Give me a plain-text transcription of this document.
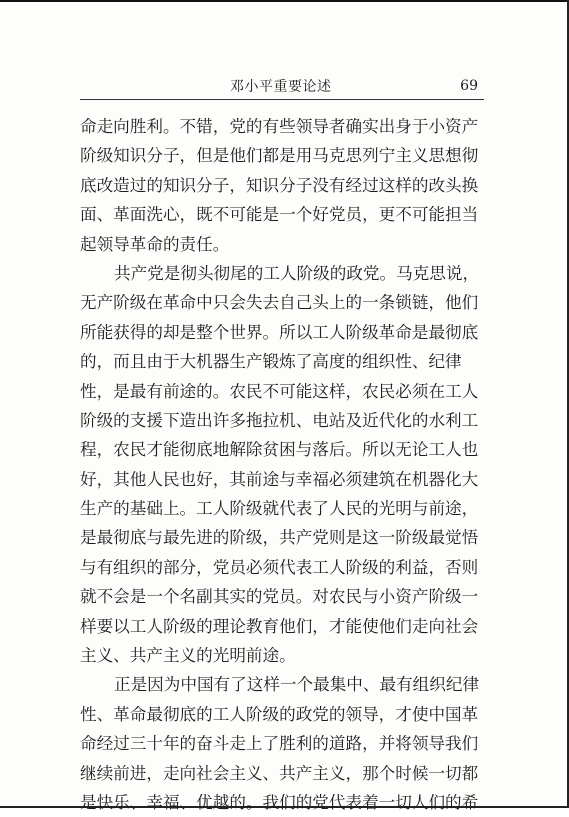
邓小平重要论述	69
命走向胜利。不错，党的有些领导者确实出身于小资产
阶级知识分子，但是他们都是用马克思列宁主义思想彻
底改造过的知识分子，知识分子没有经过这样的改头换
面、革面洗心，既不可能是一个好党员，更不可能担当
起领导革命的责任。
共产党是彻头彻尾的工人阶级的政党。马克思说，
无产阶级在革命中只会失去自己头上的一条锁链，他们
所能获得的却是整个世界。所以工人阶级革命是最彻底
的，而且由于大机器生产锻炼了高度的组织性、纪律
性，是最有前途的。农民不可能这样，农民必须在工人
阶级的支援下造出许多拖拉机、电站及近代化的水利工
程，农民才能彻底地解除贫困与落后。所以无论工人也
好，其他人民也好，其前途与幸福必须建筑在机器化大
生产的基础上。工人阶级就代表了人民的光明与前途，
是最彻底与最先进的阶级，共产党则是这一阶级最觉悟
与有组织的部分，党员必须代表工人阶级的利益，否则
就不会是一个名副其实的党员。对农民与小资产阶级一
样要以工人阶级的理论教育他们，才能使他们走向社会
主义、共产主义的光明前途。
正是因为中国有了这样一个最集中、最有组织纪律
性、革命最彻底的工人阶级的政党的领导，才使中国革
命经过三十年的奋斗走上了胜利的道路，并将领导我们
继续前进，走向社会主义、共产主义，那个时候一切都
是快乐、幸福、优越的。我们的党代表着一切人们的希
